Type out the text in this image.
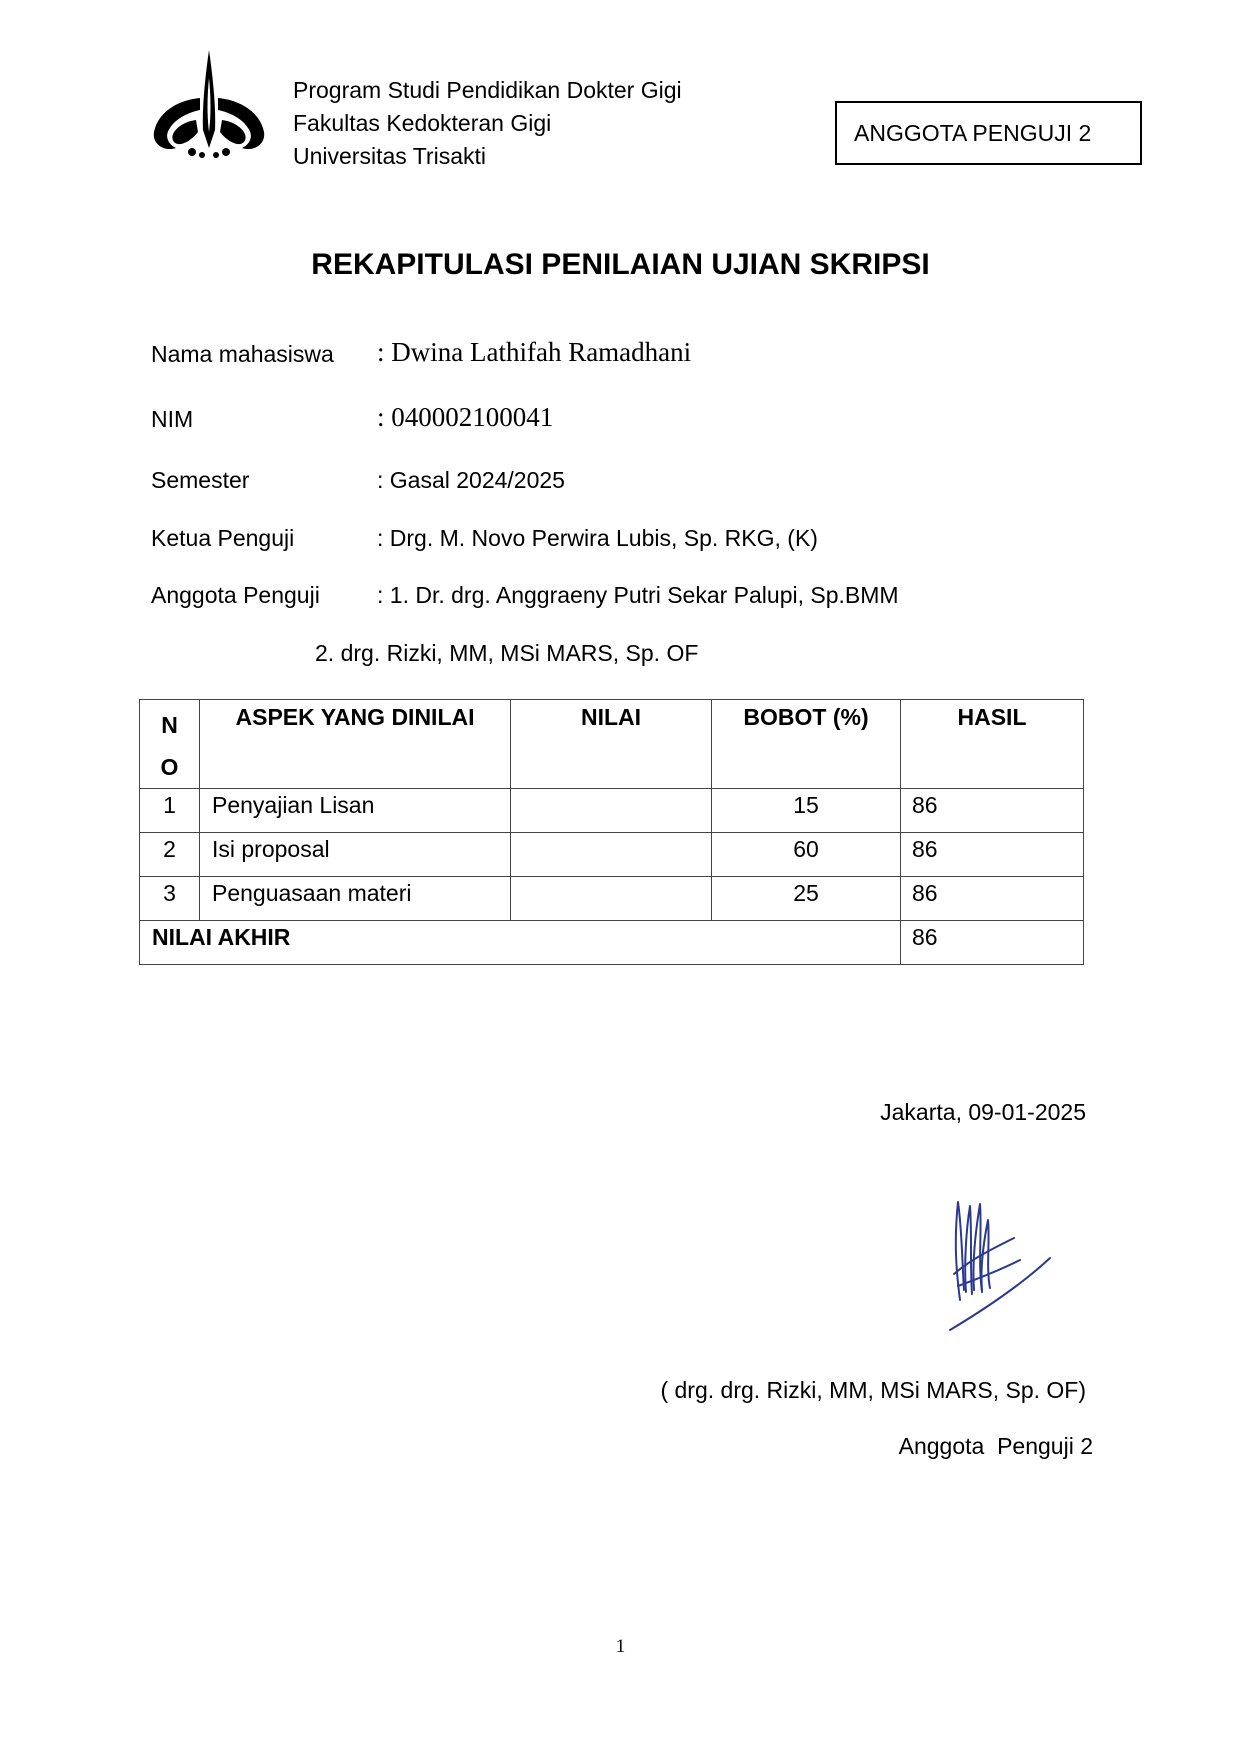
Program Studi Pendidikan Dokter Gigi
Fakultas Kedokteran Gigi
Universitas Trisakti
ANGGOTA PENGUJI 2
REKAPITULASI PENILAIAN UJIAN SKRIPSI
Nama mahasiswa : Dwina Lathifah Ramadhani
NIM	: 040002100041
Semester	: Gasal 2024/2025
Ketua Penguji	: Drg. M. Novo Perwira Lubis, Sp. RKG, (K)
Anggota Penguji : 1. Dr. drg. Anggraeny Putri Sekar Palupi, Sp.BMM
2. drg. Rizki, MM, MSi MARS, Sp. OF
N
O	ASPEK YANG DINILAI	NILAI	BOBOT (%)	HASIL
1	Penyajian Lisan		15	86
2	Isi proposal		60	86
3	Penguasaan materi		25	86
NILAI AKHIR				86
Jakarta, 09-01-2025
( drg. drg. Rizki, MM, MSi MARS, Sp. OF)
Anggota  Penguji 2
1
